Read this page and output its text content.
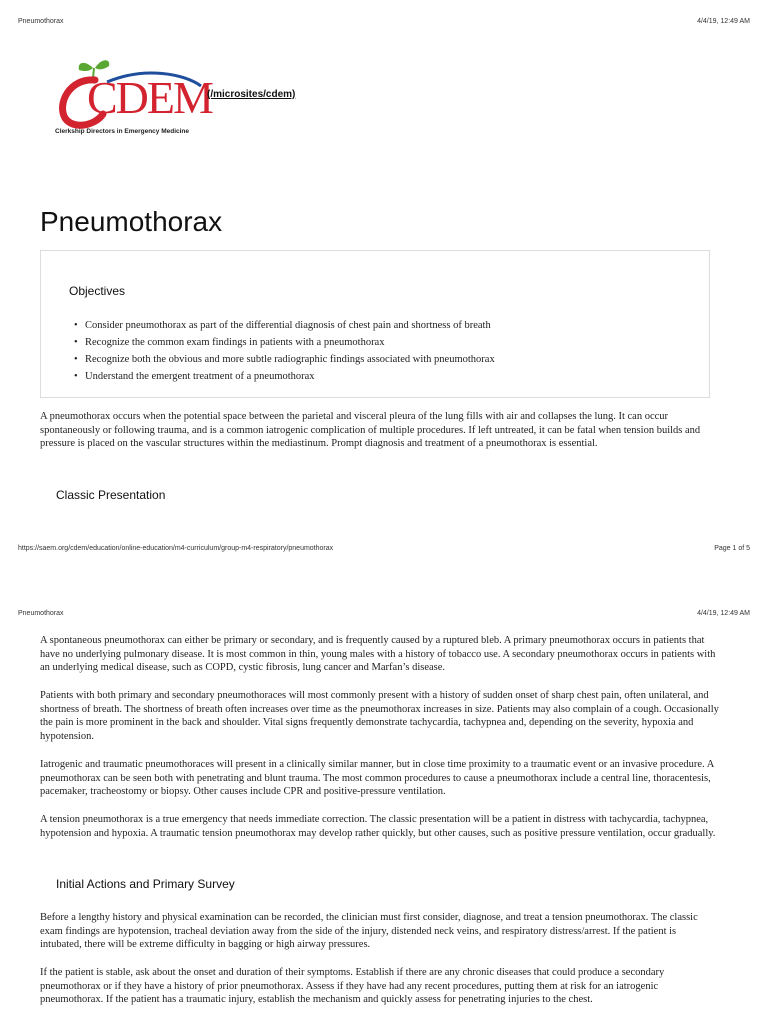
Pneumothorax	4/4/19, 12:49 AM
CDEM
Clerkship Directors in Emergency Medicine
(/microsites/cdem)
Pneumothorax
Objectives
• Consider pneumothorax as part of the differential diagnosis of chest pain and shortness of breath
• Recognize the common exam findings in patients with a pneumothorax
• Recognize both the obvious and more subtle radiographic findings associated with pneumothorax
• Understand the emergent treatment of a pneumothorax

A pneumothorax occurs when the potential space between the parietal and visceral pleura of the lung fills with air and collapses the lung. It can occur spontaneously or following trauma, and is a common iatrogenic complication of multiple procedures. If left untreated, it can be fatal when tension builds and pressure is placed on the vascular structures within the mediastinum. Prompt diagnosis and treatment of a pneumothorax is essential.

Classic Presentation
https://saem.org/cdem/education/online-education/m4-curriculum/group-m4-respiratory/pneumothorax	Page 1 of 5
Pneumothorax	4/4/19, 12:49 AM

A spontaneous pneumothorax can either be primary or secondary, and is frequently caused by a ruptured bleb. A primary pneumothorax occurs in patients that have no underlying pulmonary disease. It is most common in thin, young males with a history of tobacco use. A secondary pneumothorax occurs in patients with an underlying medical disease, such as COPD, cystic fibrosis, lung cancer and Marfan’s disease.

Patients with both primary and secondary pneumothoraces will most commonly present with a history of sudden onset of sharp chest pain, often unilateral, and shortness of breath. The shortness of breath often increases over time as the pneumothorax increases in size. Patients may also complain of a cough. Occasionally the pain is more prominent in the back and shoulder. Vital signs frequently demonstrate tachycardia, tachypnea and, depending on the severity, hypoxia and hypotension.

Iatrogenic and traumatic pneumothoraces will present in a clinically similar manner, but in close time proximity to a traumatic event or an invasive procedure. A pneumothorax can be seen both with penetrating and blunt trauma. The most common procedures to cause a pneumothorax include a central line, thoracentesis, pacemaker, tracheostomy or biopsy. Other causes include CPR and positive-pressure ventilation.

A tension pneumothorax is a true emergency that needs immediate correction. The classic presentation will be a patient in distress with tachycardia, tachypnea, hypotension and hypoxia. A traumatic tension pneumothorax may develop rather quickly, but other causes, such as positive pressure ventilation, occur gradually.

Initial Actions and Primary Survey

Before a lengthy history and physical examination can be recorded, the clinician must first consider, diagnose, and treat a tension pneumothorax. The classic exam findings are hypotension, tracheal deviation away from the side of the injury, distended neck veins, and respiratory distress/arrest. If the patient is intubated, there will be extreme difficulty in bagging or high airway pressures.

If the patient is stable, ask about the onset and duration of their symptoms. Establish if there are any chronic diseases that could produce a secondary pneumothorax or if they have a history of prior pneumothorax. Assess if they have had any recent procedures, putting them at risk for an iatrogenic pneumothorax. If the patient has a traumatic injury, establish the mechanism and quickly assess for penetrating injuries to the chest.
